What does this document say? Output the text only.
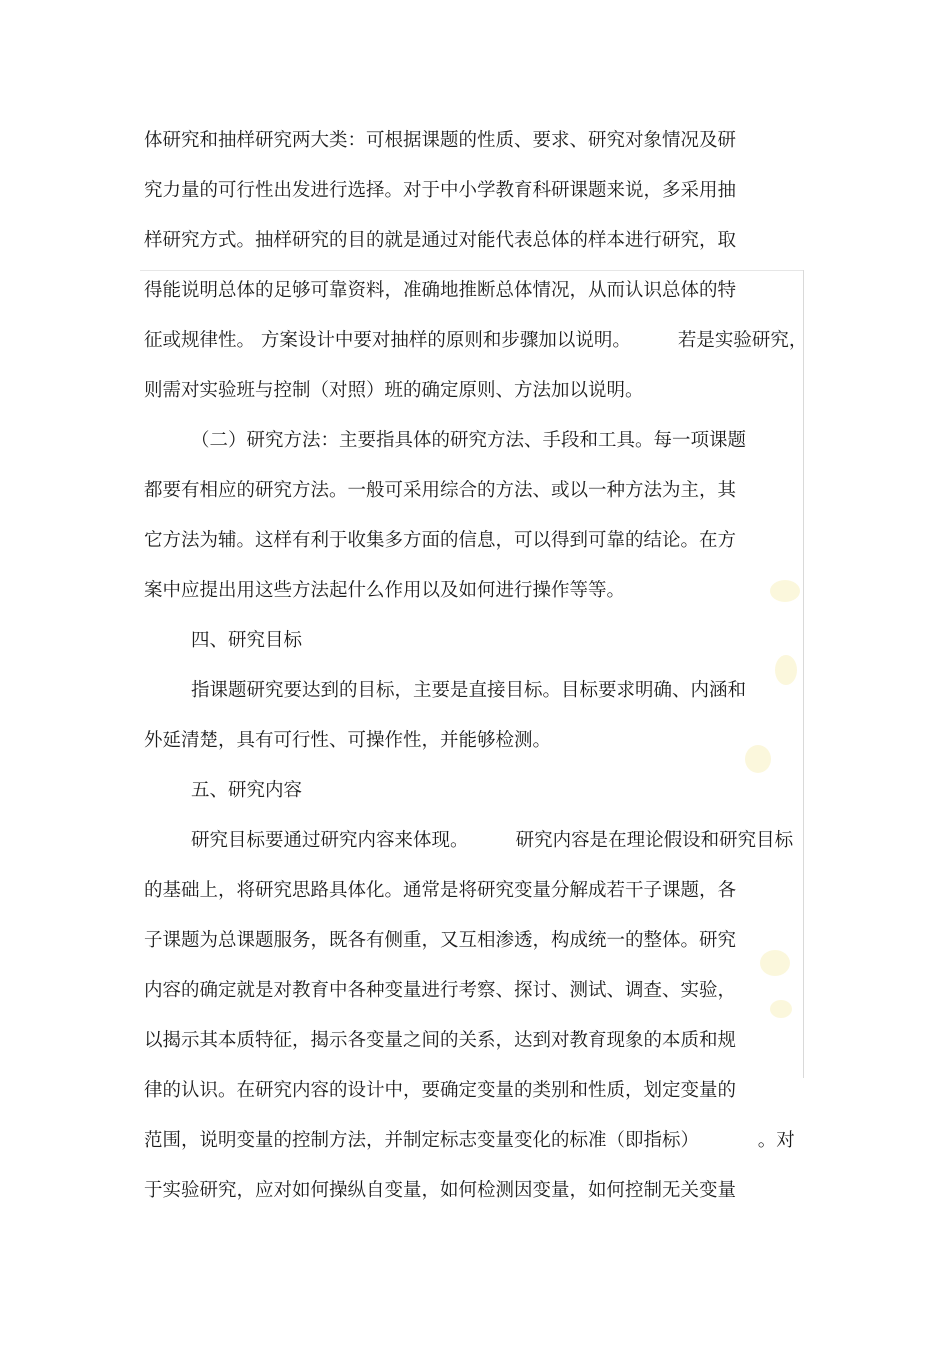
体研究和抽样研究两大类：可根据课题的性质、要求、研究对象情况及研
究力量的可行性出发进行选择。对于中小学教育科研课题来说，多采用抽
样研究方式。抽样研究的目的就是通过对能代表总体的样本进行研究，取
得能说明总体的足够可靠资料，准确地推断总体情况，从而认识总体的特
征或规律性。 方案设计中要对抽样的原则和步骤加以说明。        若是实验研究，
则需对实验班与控制（对照）班的确定原则、方法加以说明。
（二）研究方法：主要指具体的研究方法、手段和工具。每一项课题
都要有相应的研究方法。一般可采用综合的方法、或以一种方法为主，其
它方法为辅。这样有利于收集多方面的信息，可以得到可靠的结论。在方
案中应提出用这些方法起什么作用以及如何进行操作等等。
四、研究目标
指课题研究要达到的目标，主要是直接目标。目标要求明确、内涵和
外延清楚，具有可行性、可操作性，并能够检测。
五、研究内容
研究目标要通过研究内容来体现。        研究内容是在理论假设和研究目标
的基础上，将研究思路具体化。通常是将研究变量分解成若干子课题，各
子课题为总课题服务，既各有侧重，又互相渗透，构成统一的整体。研究
内容的确定就是对教育中各种变量进行考察、探讨、测试、调查、实验，
以揭示其本质特征，揭示各变量之间的关系，达到对教育现象的本质和规
律的认识。在研究内容的设计中，要确定变量的类别和性质，划定变量的
范围，说明变量的控制方法，并制定标志变量变化的标准（即指标）          。对
于实验研究，应对如何操纵自变量，如何检测因变量，如何控制无关变量
